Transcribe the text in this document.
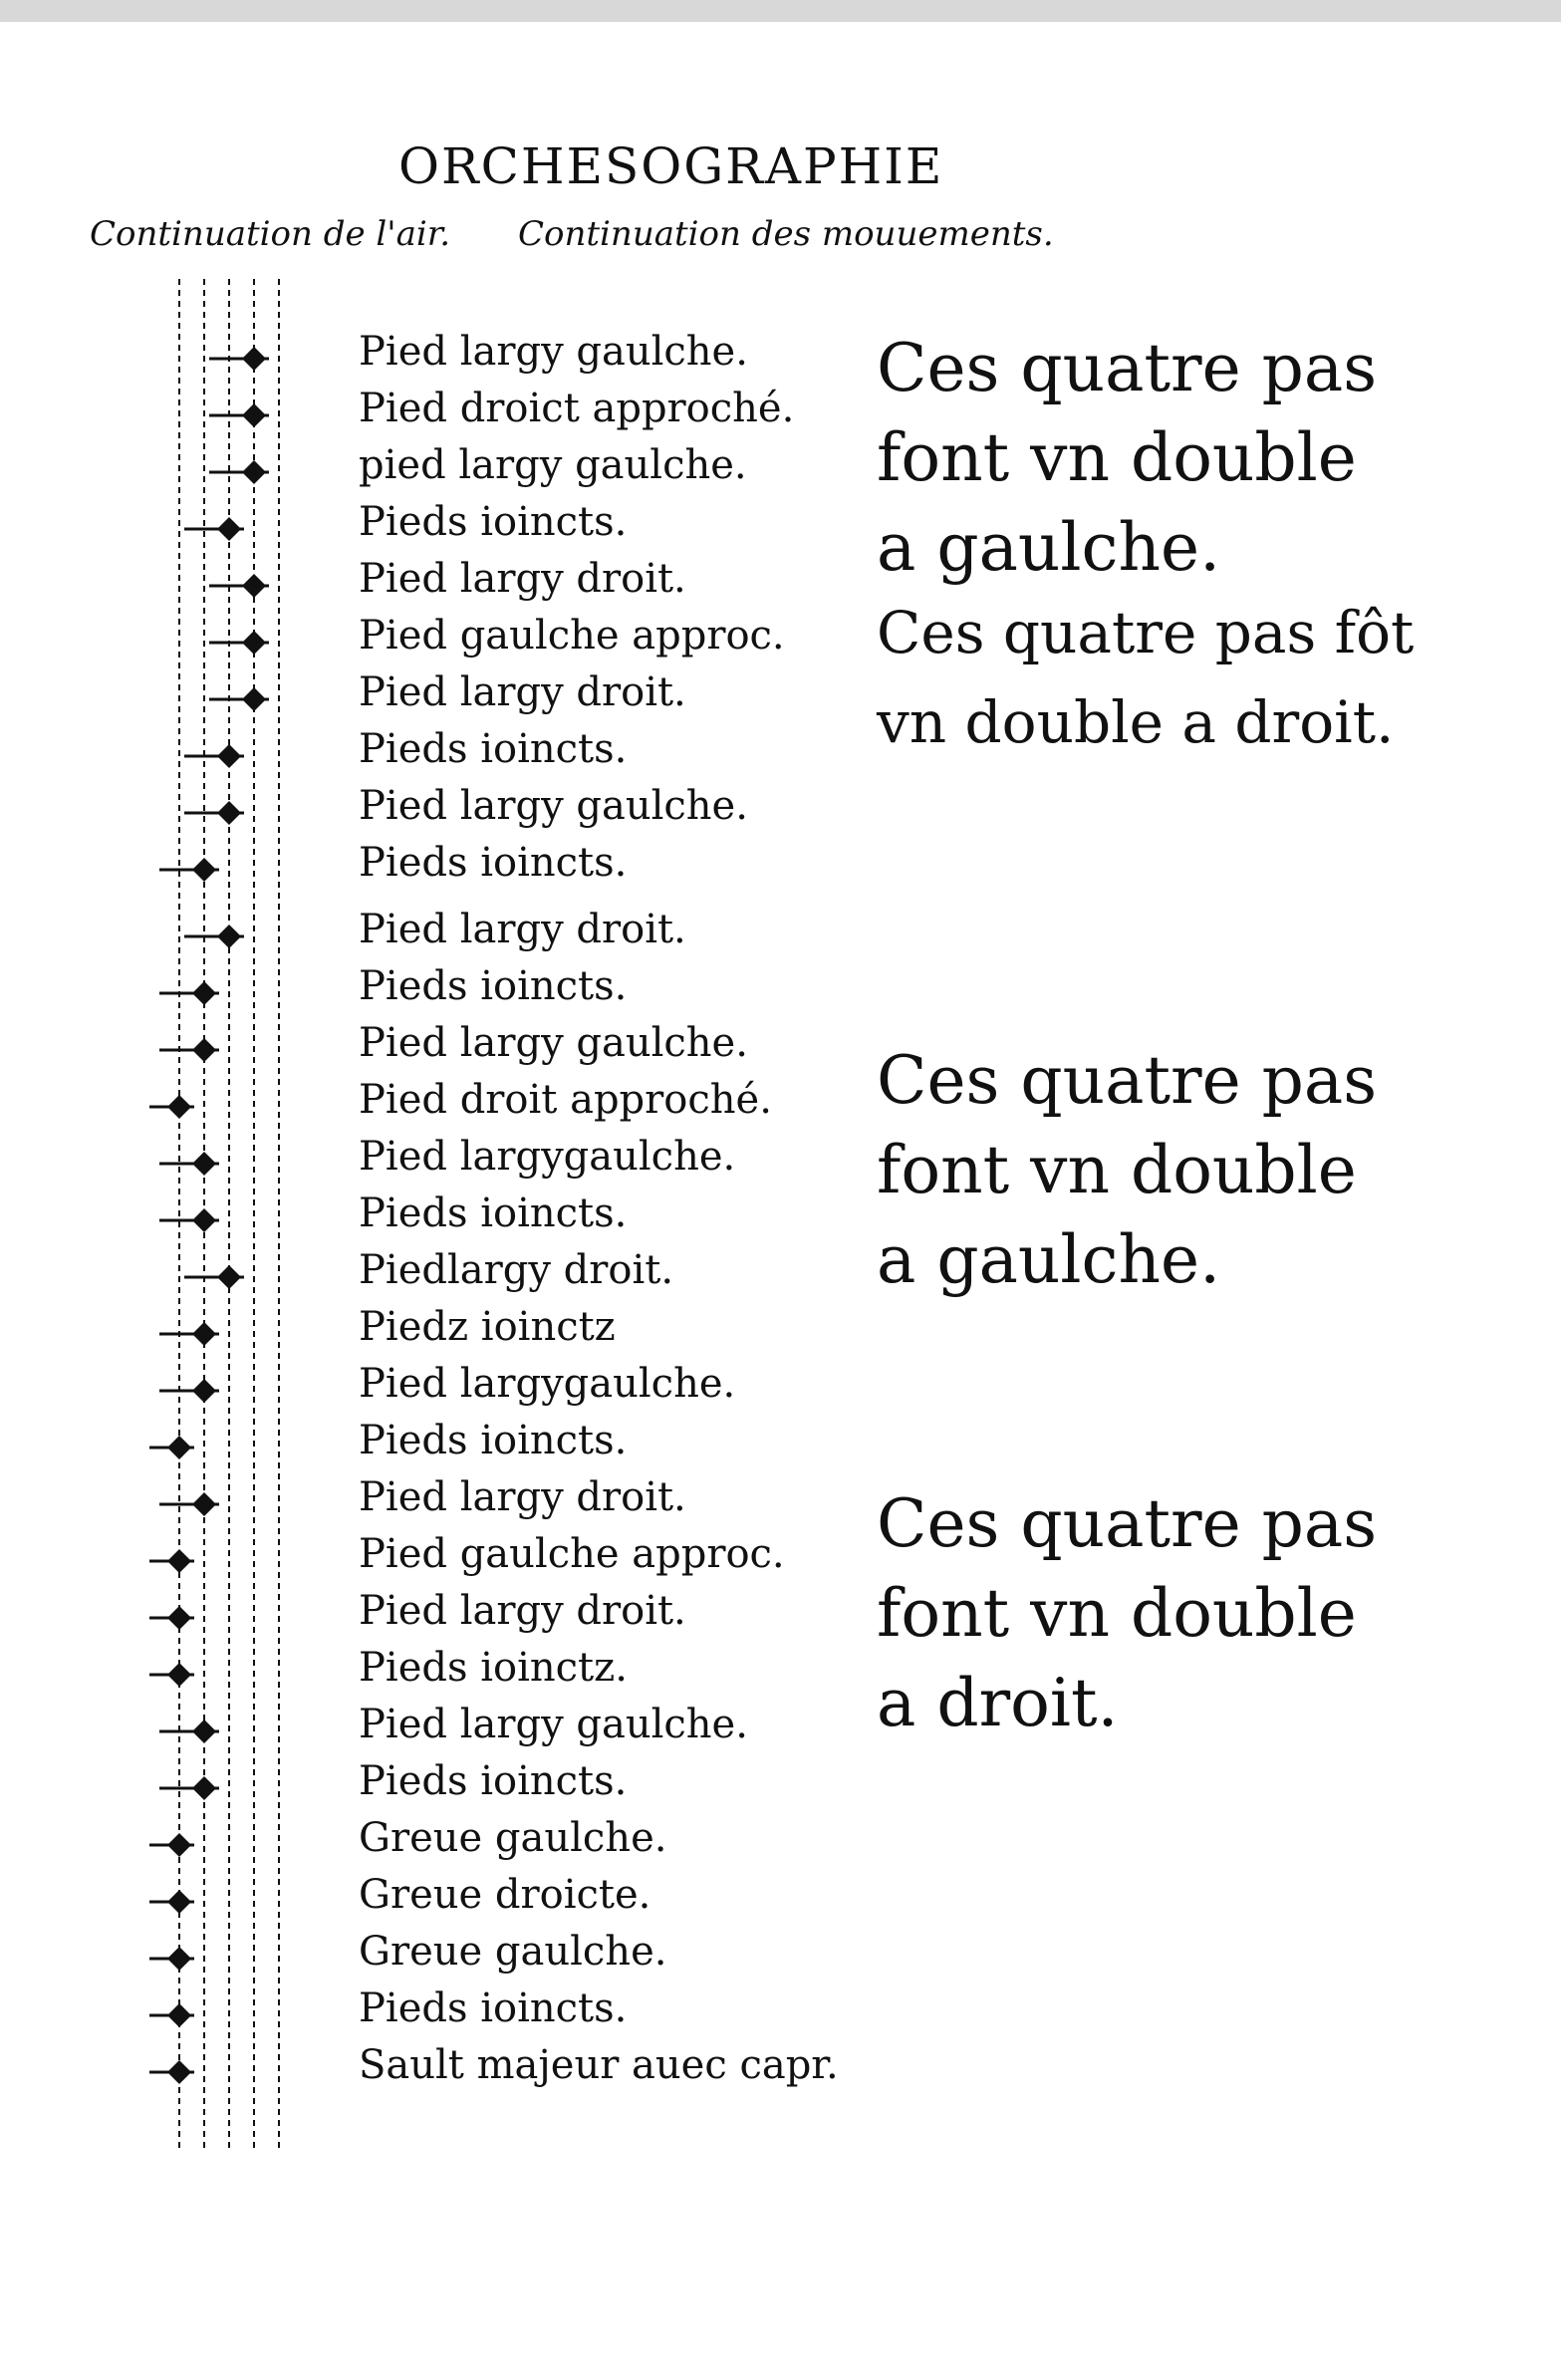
ORCHESOGRAPHIE
Continuation de l'air. Continuation des mouuements.
Pied largy gaulche.
Pied droict approché.
pied largy gaulche.
Pieds ioincts.
Pied largy droit.
Pied gaulche approc.
Pied largy droit.
Pieds ioincts.
Pied largy gaulche.
Pieds ioincts.
Pied largy droit.
Pieds ioincts.
Pied largy gaulche.
Pied droit approché.
Pied largygaulche.
Pieds ioincts.
Piedlargy droit.
Piedz ioinctz
Pied largygaulche.
Pieds ioincts.
Pied largy droit.
Pied gaulche approc.
Pied largy droit.
Pieds ioinctz.
Pied largy gaulche.
Pieds ioincts.
Greue gaulche.
Greue droicte.
Greue gaulche.
Pieds ioincts.
Sault majeur auec capr.
Ces quatre pas
font vn double
a gaulche.
Ces quatre pas fôt
vn double a droit.
Ces quatre pas
font vn double
a gaulche.
Ces quatre pas
font vn double
a droit.
